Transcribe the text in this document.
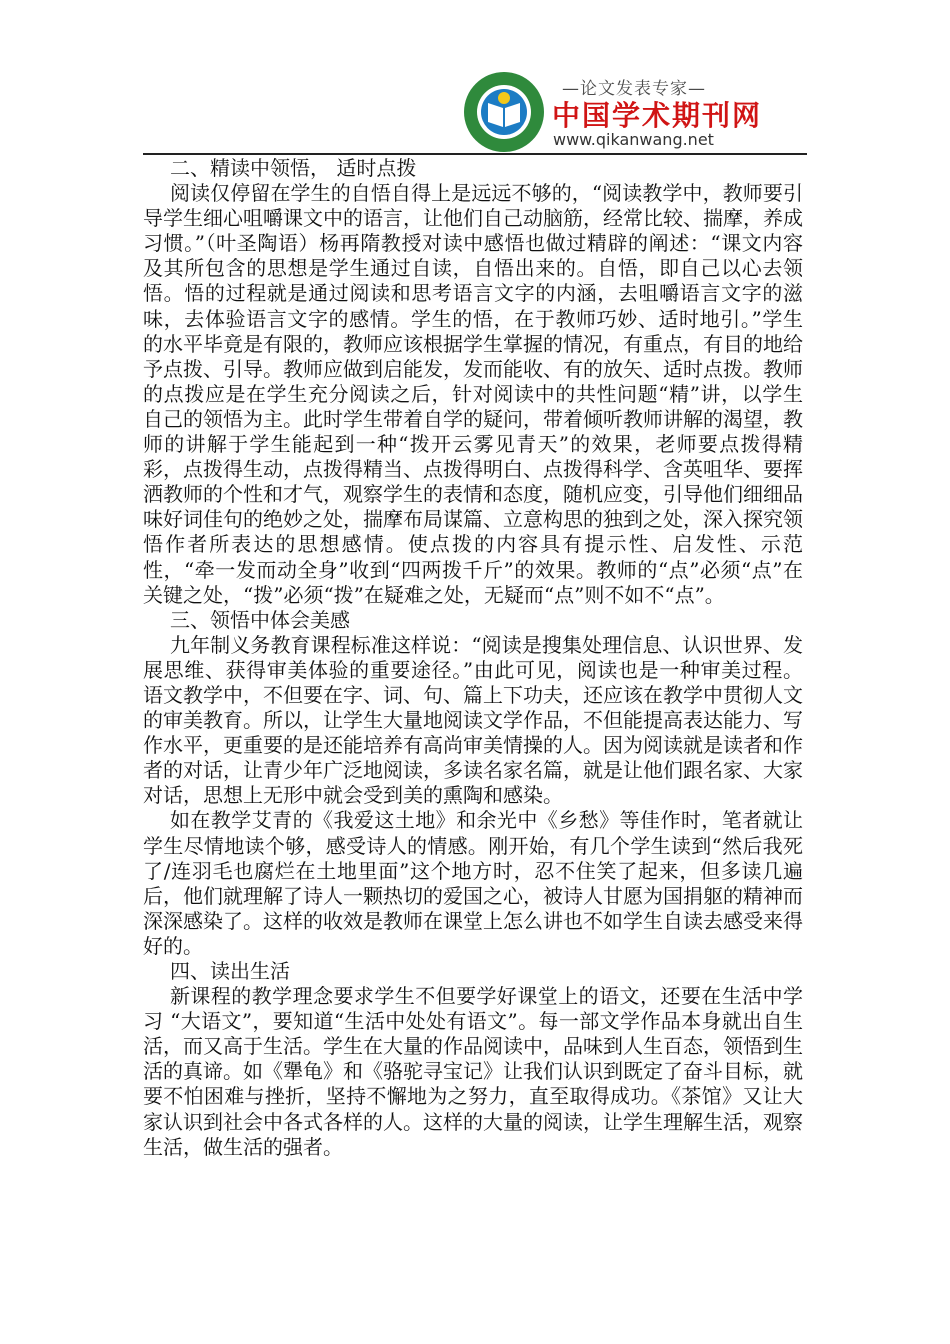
—论文发表专家—
中国学术期刊网
www.qikanwang.net

二、精读中领悟， 适时点拨

阅读仅停留在学生的自悟自得上是远远不够的，“阅读教学中，教师要引导学生细心咀嚼课文中的语言，让他们自己动脑筋，经常比较、揣摩，养成习惯。”（叶圣陶语）杨再隋教授对读中感悟也做过精辟的阐述：“课文内容及其所包含的思想是学生通过自读，自悟出来的。自悟，即自己以心去领悟。悟的过程就是通过阅读和思考语言文字的内涵，去咀嚼语言文字的滋味，去体验语言文字的感情。学生的悟，在于教师巧妙、适时地引。”学生的水平毕竟是有限的，教师应该根据学生掌握的情况，有重点，有目的地给予点拨、引导。教师应做到启能发，发而能收、有的放矢、适时点拨。教师的点拨应是在学生充分阅读之后，针对阅读中的共性问题“精”讲，以学生自己的领悟为主。此时学生带着自学的疑问，带着倾听教师讲解的渴望，教师的讲解于学生能起到一种“拨开云雾见青天”的效果，老师要点拨得精彩，点拨得生动，点拨得精当、点拨得明白、点拨得科学、含英咀华、要挥洒教师的个性和才气，观察学生的表情和态度，随机应变，引导他们细细品味好词佳句的绝妙之处，揣摩布局谋篇、立意构思的独到之处，深入探究领悟作者所表达的思想感情。使点拨的内容具有提示性、启发性、示范性，“牵一发而动全身”收到“四两拨千斤”的效果。教师的“点”必须“点”在关键之处，“拨”必须“拨”在疑难之处，无疑而“点”则不如不“点”。

三、领悟中体会美感

九年制义务教育课程标准这样说：“阅读是搜集处理信息、认识世界、发展思维、获得审美体验的重要途径。”由此可见，阅读也是一种审美过程。语文教学中，不但要在字、词、句、篇上下功夫，还应该在教学中贯彻人文的审美教育。所以，让学生大量地阅读文学作品，不但能提高表达能力、写作水平，更重要的是还能培养有高尚审美情操的人。因为阅读就是读者和作者的对话，让青少年广泛地阅读，多读名家名篇，就是让他们跟名家、大家对话，思想上无形中就会受到美的熏陶和感染。

如在教学艾青的《我爱这土地》和余光中《乡愁》等佳作时，笔者就让学生尽情地读个够，感受诗人的情感。刚开始，有几个学生读到“然后我死了/连羽毛也腐烂在土地里面”这个地方时，忍不住笑了起来，但多读几遍后，他们就理解了诗人一颗热切的爱国之心，被诗人甘愿为国捐躯的精神而深深感染了。这样的收效是教师在课堂上怎么讲也不如学生自读去感受来得好的。

四、读出生活

新课程的教学理念要求学生不但要学好课堂上的语文，还要在生活中学习 “大语文”，要知道“生活中处处有语文”。每一部文学作品本身就出自生活，而又高于生活。学生在大量的作品阅读中，品味到人生百态，领悟到生活的真谛。如《犟龟》和《骆驼寻宝记》让我们认识到既定了奋斗目标，就要不怕困难与挫折，坚持不懈地为之努力，直至取得成功。《茶馆》又让大家认识到社会中各式各样的人。这样的大量的阅读，让学生理解生活，观察生活，做生活的强者。
